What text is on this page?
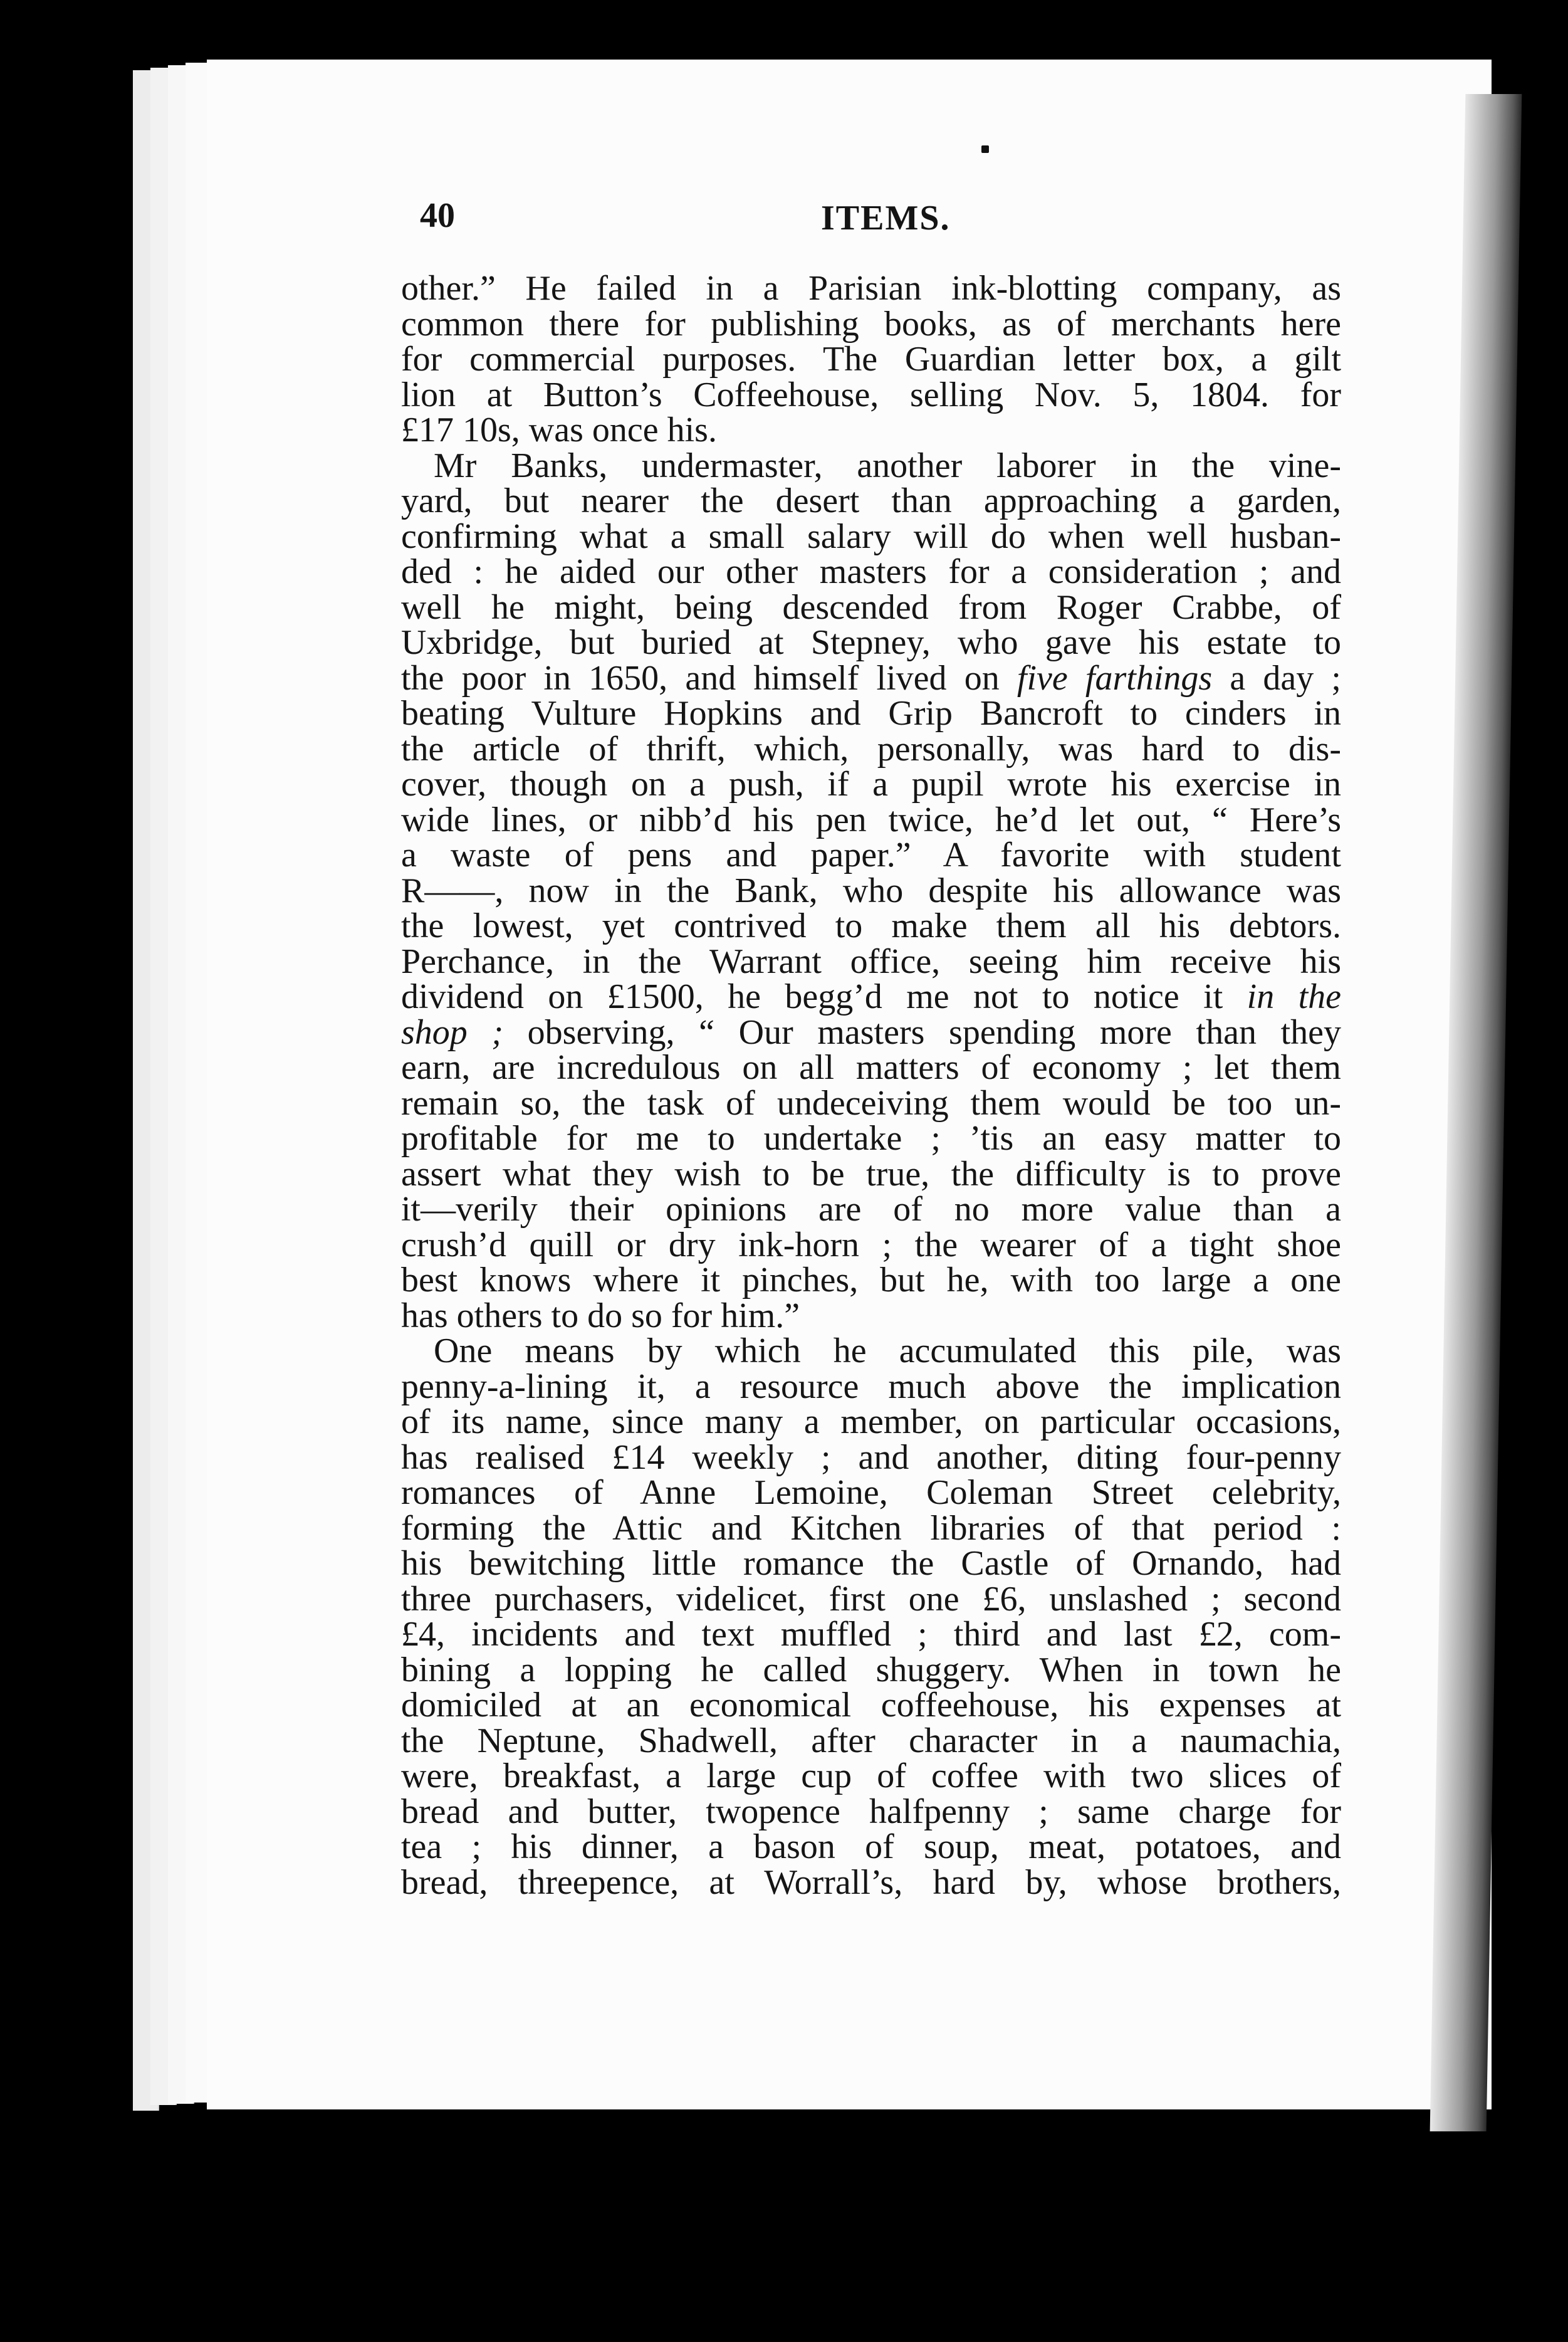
40	ITEMS.
other.” He failed in a Parisian ink-blotting company, as
common there for publishing books, as of merchants here
for commercial purposes. The Guardian letter box, a gilt
lion at Button’s Coffeehouse, selling Nov. 5, 1804. for
£17 10s, was once his.
Mr Banks, undermaster, another laborer in the vine-
yard, but nearer the desert than approaching a garden,
confirming what a small salary will do when well husban-
ded : he aided our other masters for a consideration ; and
well he might, being descended from Roger Crabbe, of
Uxbridge, but buried at Stepney, who gave his estate to
the poor in 1650, and himself lived on five farthings a day ;
beating Vulture Hopkins and Grip Bancroft to cinders in
the article of thrift, which, personally, was hard to dis-
cover, though on a push, if a pupil wrote his exercise in
wide lines, or nibb’d his pen twice, he’d let out, “ Here’s
a waste of pens and paper.” A favorite with student
R——, now in the Bank, who despite his allowance was
the lowest, yet contrived to make them all his debtors.
Perchance, in the Warrant office, seeing him receive his
dividend on £1500, he begg’d me not to notice it in the
shop ; observing, “ Our masters spending more than they
earn, are incredulous on all matters of economy ; let them
remain so, the task of undeceiving them would be too un-
profitable for me to undertake ; ’tis an easy matter to
assert what they wish to be true, the difficulty is to prove
it—verily their opinions are of no more value than a
crush’d quill or dry ink-horn ; the wearer of a tight shoe
best knows where it pinches, but he, with too large a one
has others to do so for him.”
One means by which he accumulated this pile, was
penny-a-lining it, a resource much above the implication
of its name, since many a member, on particular occasions,
has realised £14 weekly ; and another, diting four-penny
romances of Anne Lemoine, Coleman Street celebrity,
forming the Attic and Kitchen libraries of that period :
his bewitching little romance the Castle of Ornando, had
three purchasers, videlicet, first one £6, unslashed ; second
£4, incidents and text muffled ; third and last £2, com-
bining a lopping he called shuggery. When in town he
domiciled at an economical coffeehouse, his expenses at
the Neptune, Shadwell, after character in a naumachia,
were, breakfast, a large cup of coffee with two slices of
bread and butter, twopence halfpenny ; same charge for
tea ; his dinner, a bason of soup, meat, potatoes, and
bread, threepence, at Worrall’s, hard by, whose brothers,
